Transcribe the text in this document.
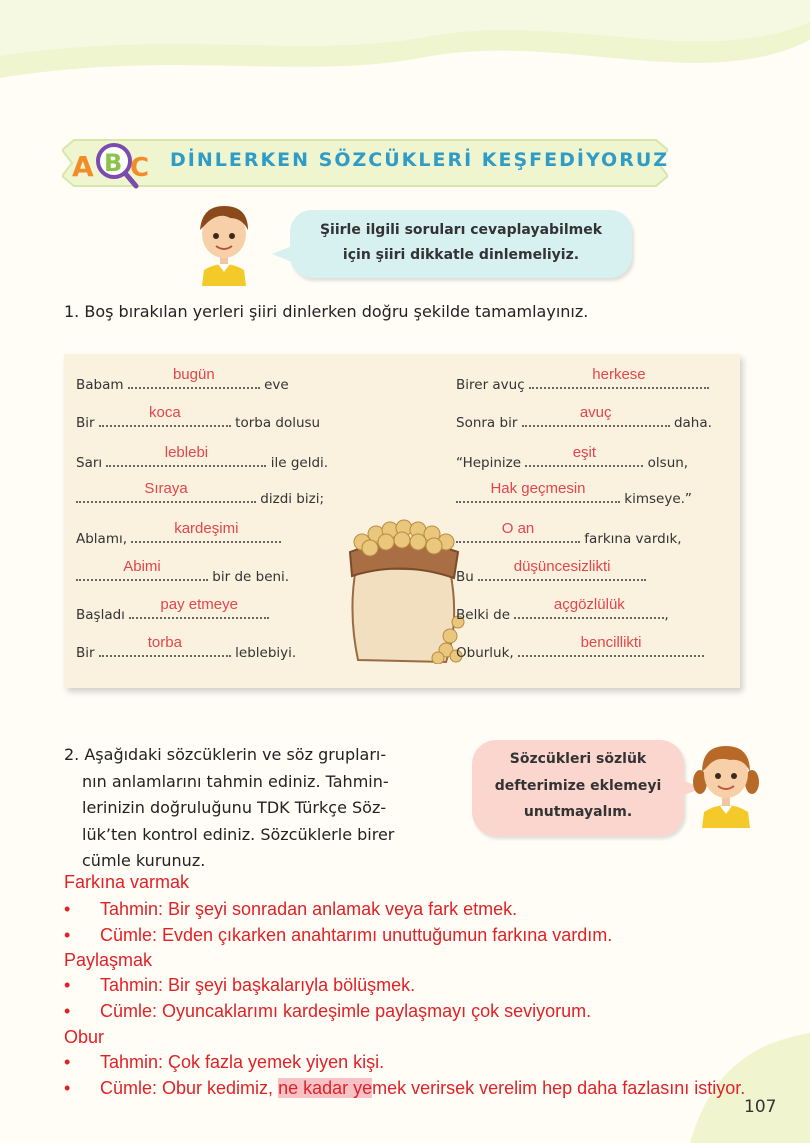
A B C DİNLERKEN SÖZCÜKLERİ KEŞFEDİYORUZ
Şiirle ilgili soruları cevaplayabilmek
için şiiri dikkatle dinlemeliyiz.
1. Boş bırakılan yerleri şiiri dinlerken doğru şekilde tamamlayınız.
Babam
bugün
eve
Bir
koca
torba dolusu
Sarı
leblebi
ile geldi.
Sıraya
dizdi bizi;
Ablamı,
kardeşimi
Abimi
bir de beni.
Başladı
pay etmeye
Bir
torba
leblebiyi.
Birer avuç
herkese
Sonra bir
avuç
daha.
“Hepinize
eşit
olsun,
Hak geçmesin
kimseye.”
O an
farkına vardık,
Bu
düşüncesizlikti
Belki de
açgözlülük
,
Oburluk,
bencillikti
2. Aşağıdaki sözcüklerin ve söz grupları-
nın anlamlarını tahmin ediniz. Tahmin-
lerinizin doğruluğunu TDK Türkçe Söz-
lük’ten kontrol ediniz. Sözcüklerle birer
cümle kurunuz.
Sözcükleri sözlük
defterimize eklemeyi
unutmayalım.
Farkına varmak
• Tahmin: Bir şeyi sonradan anlamak veya fark etmek.
• Cümle: Evden çıkarken anahtarımı unuttuğumun farkına vardım.
Paylaşmak
• Tahmin: Bir şeyi başkalarıyla bölüşmek.
• Cümle: Oyuncaklarımı kardeşimle paylaşmayı çok seviyorum.
Obur
• Tahmin: Çok fazla yemek yiyen kişi.
• Cümle: Obur kedimiz, ne kadar yemek verirsek verelim hep daha fazlasını istiyor.
107
